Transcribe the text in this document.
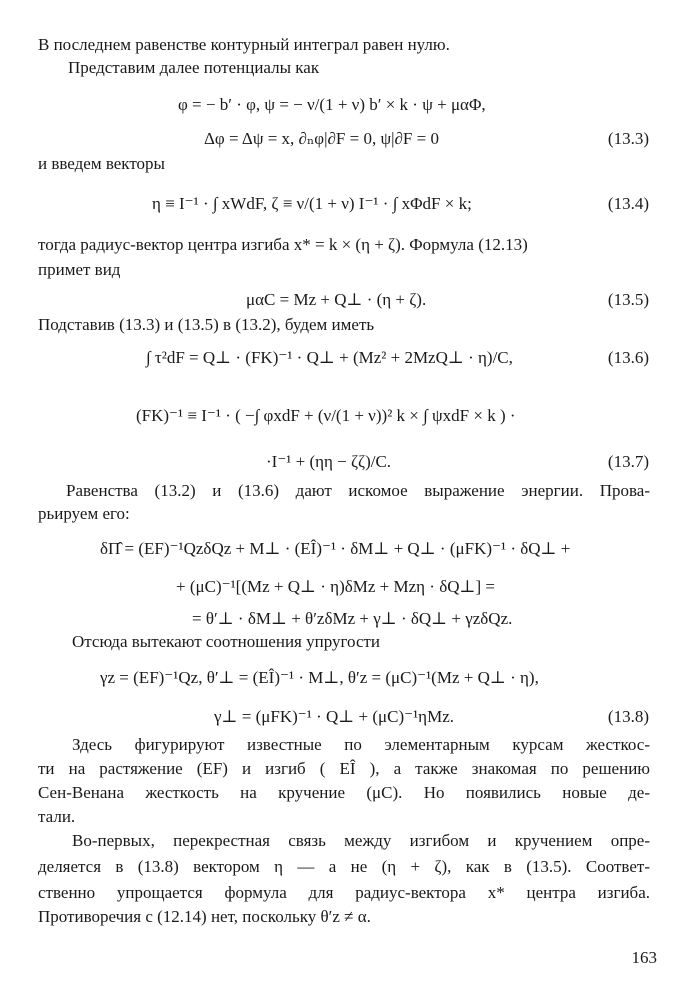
В последнем равенстве контурный интеграл равен нулю.
Представим далее потенциалы как
φ = − b′ · φ, ψ = − ν/(1 + ν) b′ × k · ψ + μαΦ,
Δφ = Δψ = x, ∂ₙφ|∂F = 0, ψ|∂F = 0	(13.3)
и введем векторы
η ≡ I⁻¹ · ∫ xWdF, ζ ≡ ν/(1 + ν) I⁻¹ · ∫ xΦdF × k;	(13.4)
тогда радиус-вектор центра изгиба x* = k × (η + ζ). Формула (12.13)
примет вид
μαC = Mz + Q⊥ · (η + ζ).	(13.5)
Подставив (13.3) и (13.5) в (13.2), будем иметь
∫ τ²dF = Q⊥ · (FK)⁻¹ · Q⊥ + (Mz² + 2MzQ⊥ · η)/C,	(13.6)
(FK)⁻¹ ≡ I⁻¹ · ( −∫ φxdF + (ν/(1 + ν))² k × ∫ ψxdF × k ) ·
·I⁻¹ + (ηη − ζζ)/C.	(13.7)
Равенства (13.2) и (13.6) дают искомое выражение энергии. Прова-
рьируем его:
δΠ̂ = (EF)⁻¹QzδQz + M⊥ · (EÎ)⁻¹ · δM⊥ + Q⊥ · (μFK)⁻¹ · δQ⊥ +
+ (μC)⁻¹[(Mz + Q⊥ · η)δMz + Mzη · δQ⊥] =
= θ′⊥ · δM⊥ + θ′zδMz + γ⊥ · δQ⊥ + γzδQz.
Отсюда вытекают соотношения упругости
γz = (EF)⁻¹Qz, θ′⊥ = (EÎ)⁻¹ · M⊥, θ′z = (μC)⁻¹(Mz + Q⊥ · η),
γ⊥ = (μFK)⁻¹ · Q⊥ + (μC)⁻¹ηMz.	(13.8)
Здесь фигурируют известные по элементарным курсам жесткос-
ти на растяжение (EF) и изгиб ( EÎ ), а также знакомая по решению
Сен-Венана жесткость на кручение (μC). Но появились новые де-
тали.
Во-первых, перекрестная связь между изгибом и кручением опре-
деляется в (13.8) вектором η — а не (η + ζ), как в (13.5). Соответ-
ственно упрощается формула для радиус-вектора x* центра изгиба.
Противоречия с (12.14) нет, поскольку θ′z ≠ α.
163
